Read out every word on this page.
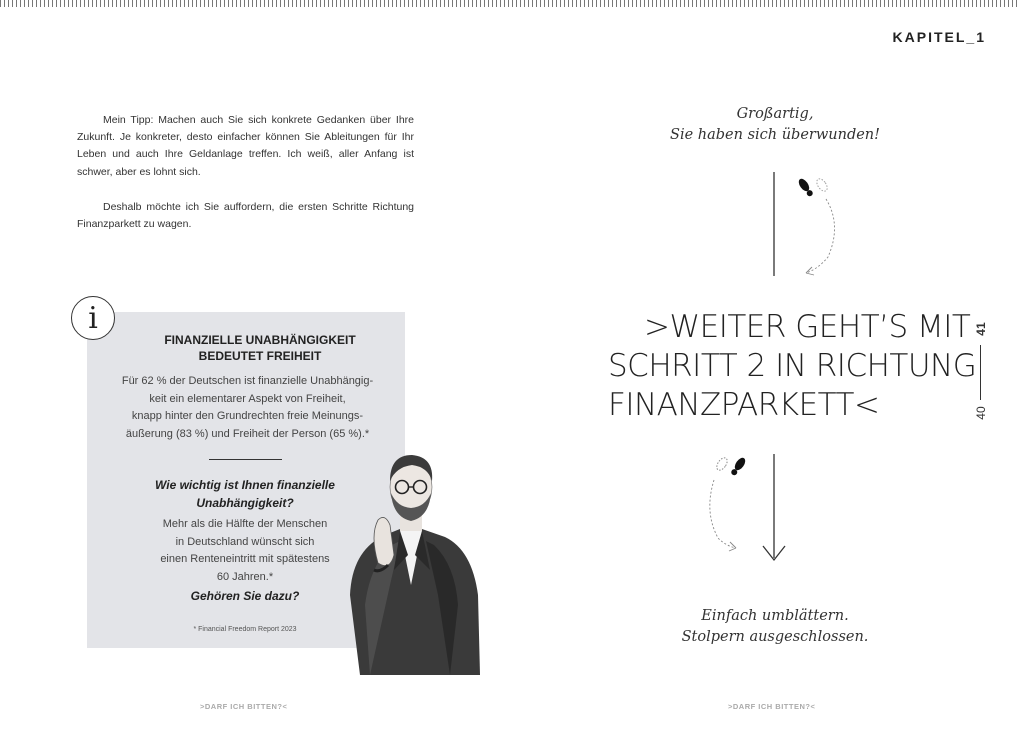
KAPITEL_1

Mein Tipp: Machen auch Sie sich konkrete Gedanken über Ihre Zukunft. Je konkreter, desto einfacher können Sie Ableitungen für Ihr Leben und auch Ihre Geldanlage treffen. Ich weiß, aller Anfang ist schwer, aber es lohnt sich.

Deshalb möchte ich Sie auffordern, die ersten Schritte Richtung Finanzparkett zu wagen.

i
FINANZIELLE UNABHÄNGIGKEIT
BEDEUTET FREIHEIT
Für 62 % der Deutschen ist finanzielle Unabhängig-
keit ein elementarer Aspekt von Freiheit,
knapp hinter den Grundrechten freie Meinungs-
äußerung (83 %) und Freiheit der Person (65 %).*
Wie wichtig ist Ihnen finanzielle
Unabhängigkeit?
Mehr als die Hälfte der Menschen
in Deutschland wünscht sich
einen Renteneintritt mit spätestens
60 Jahren.*
Gehören Sie dazu?
* Financial Freedom Report 2023
>DARF ICH BITTEN?<
Großartig,
Sie haben sich überwunden!
>WEITER GEHT’S MIT
SCHRITT 2 IN RICHTUNG
FINANZPARKETT<
Einfach umblättern.
Stolpern ausgeschlossen.
>DARF ICH BITTEN?<
41
40
